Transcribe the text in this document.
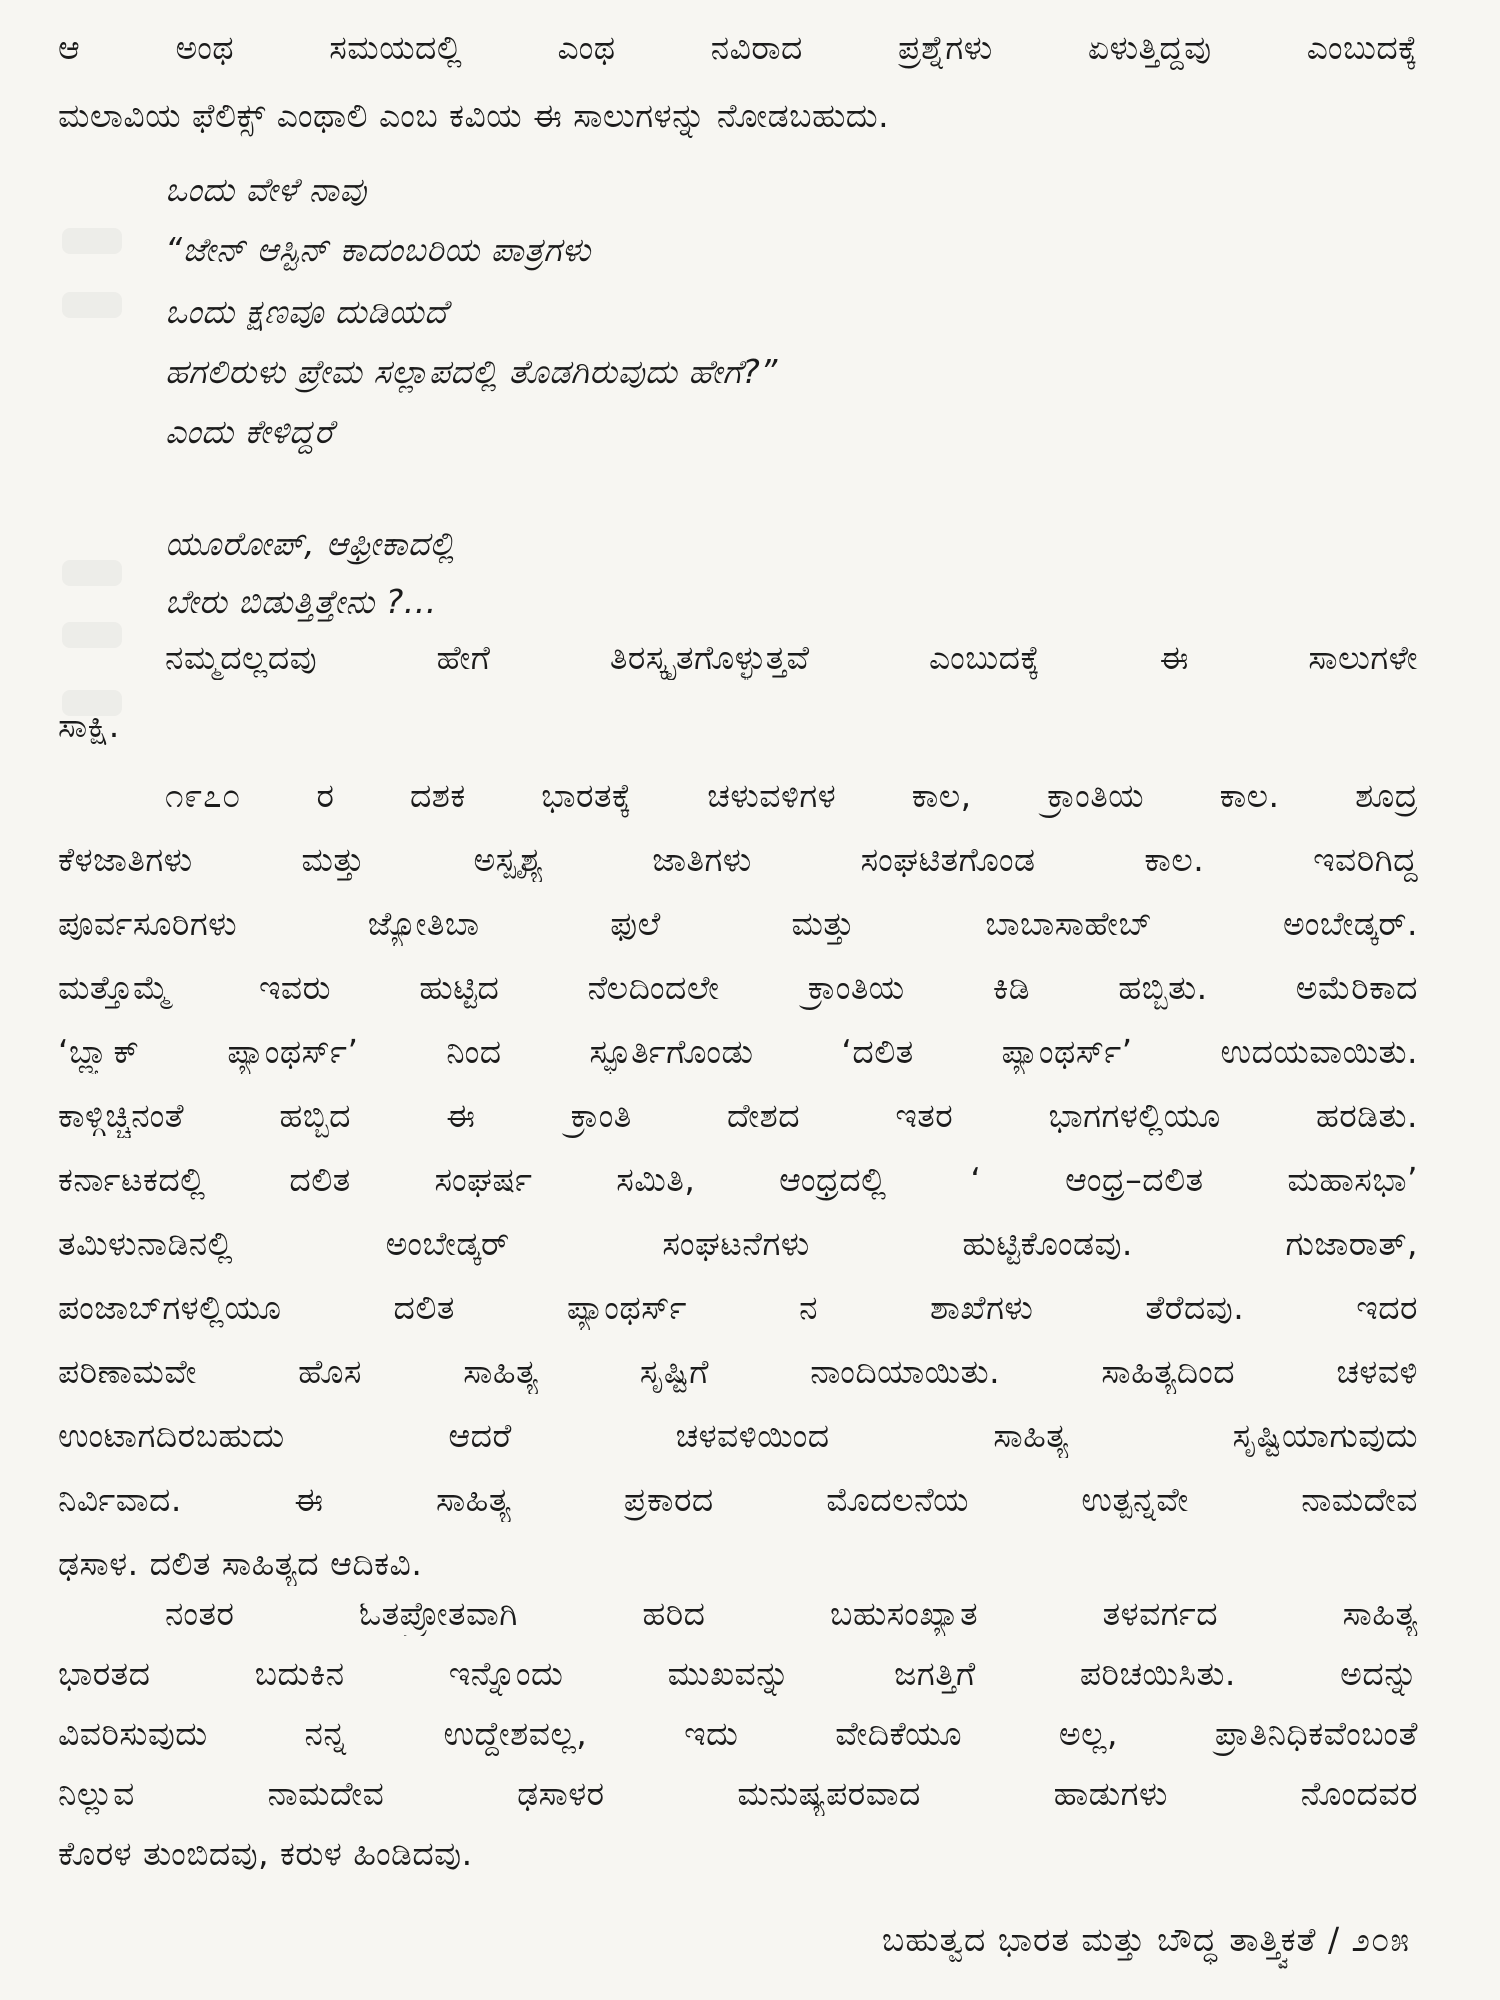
ಆ ಅಂಥ ಸಮಯದಲ್ಲಿ ಎಂಥ ನವಿರಾದ ಪ್ರಶ್ನೆಗಳು ಏಳುತ್ತಿದ್ದವು ಎಂಬುದಕ್ಕೆ
ಮಲಾವಿಯ ಫೆಲಿಕ್ಸ್ ಎಂಥಾಲಿ ಎಂಬ ಕವಿಯ ಈ ಸಾಲುಗಳನ್ನು ನೋಡಬಹುದು.
ಒಂದು ವೇಳೆ ನಾವು
“ಜೇನ್ ಆಸ್ಟಿನ್ ಕಾದಂಬರಿಯ ಪಾತ್ರಗಳು
ಒಂದು ಕ್ಷಣವೂ ದುಡಿಯದೆ
ಹಗಲಿರುಳು ಪ್ರೇಮ ಸಲ್ಲಾಪದಲ್ಲಿ ತೊಡಗಿರುವುದು ಹೇಗೆ?”
ಎಂದು ಕೇಳಿದ್ದರೆ
ಯೂರೋಪ್, ಆಫ್ರೀಕಾದಲ್ಲಿ
ಬೇರು ಬಿಡುತ್ತಿತ್ತೇನು ?...
ನಮ್ಮದಲ್ಲದವು ಹೇಗೆ ತಿರಸ್ಕೃತಗೊಳ್ಳುತ್ತವೆ ಎಂಬುದಕ್ಕೆ ಈ ಸಾಲುಗಳೇ
ಸಾಕ್ಷಿ.
೧೯೭೦ ರ ದಶಕ ಭಾರತಕ್ಕೆ ಚಳುವಳಿಗಳ ಕಾಲ, ಕ್ರಾಂತಿಯ ಕಾಲ. ಶೂದ್ರ
ಕೆಳಜಾತಿಗಳು ಮತ್ತು ಅಸ್ಪೃಶ್ಯ ಜಾತಿಗಳು ಸಂಘಟಿತಗೊಂಡ ಕಾಲ. ಇವರಿಗಿದ್ದ
ಪೂರ್ವಸೂರಿಗಳು ಜ್ಯೋತಿಬಾ ಫುಲೆ ಮತ್ತು ಬಾಬಾಸಾಹೇಬ್ ಅಂಬೇಡ್ಕರ್.
ಮತ್ತೊಮ್ಮೆ ಇವರು ಹುಟ್ಟಿದ ನೆಲದಿಂದಲೇ ಕ್ರಾಂತಿಯ ಕಿಡಿ ಹಬ್ಬಿತು. ಅಮೆರಿಕಾದ
‘ಬ್ಲ್ಯಾಕ್ ಪ್ಯಾಂಥರ್ಸ್’ ನಿಂದ ಸ್ಫೂರ್ತಿಗೊಂಡು ‘ದಲಿತ ಪ್ಯಾಂಥರ್ಸ್’ ಉದಯವಾಯಿತು.
ಕಾಳ್ಗಿಚ್ಚಿನಂತೆ ಹಬ್ಬಿದ ಈ ಕ್ರಾಂತಿ ದೇಶದ ಇತರ ಭಾಗಗಳಲ್ಲಿಯೂ ಹರಡಿತು.
ಕರ್ನಾಟಕದಲ್ಲಿ ದಲಿತ ಸಂಘರ್ಷ ಸಮಿತಿ, ಆಂಧ್ರದಲ್ಲಿ ‘ ಆಂಧ್ರ–ದಲಿತ ಮಹಾಸಭಾ’
ತಮಿಳುನಾಡಿನಲ್ಲಿ ಅಂಬೇಡ್ಕರ್ ಸಂಘಟನೆಗಳು ಹುಟ್ಟಿಕೊಂಡವು. ಗುಜಾರಾತ್,
ಪಂಜಾಬ್‌ಗಳಲ್ಲಿಯೂ ದಲಿತ ಪ್ಯಾಂಥರ್ಸ್ ನ ಶಾಖೆಗಳು ತೆರೆದವು. ಇದರ
ಪರಿಣಾಮವೇ ಹೊಸ ಸಾಹಿತ್ಯ ಸೃಷ್ಟಿಗೆ ನಾಂದಿಯಾಯಿತು. ಸಾಹಿತ್ಯದಿಂದ ಚಳವಳಿ
ಉಂಟಾಗದಿರಬಹುದು ಆದರೆ ಚಳವಳಿಯಿಂದ ಸಾಹಿತ್ಯ ಸೃಷ್ಟಿಯಾಗುವುದು
ನಿರ್ವಿವಾದ. ಈ ಸಾಹಿತ್ಯ ಪ್ರಕಾರದ ಮೊದಲನೆಯ ಉತ್ಪನ್ನವೇ ನಾಮದೇವ
ಢಸಾಳ. ದಲಿತ ಸಾಹಿತ್ಯದ ಆದಿಕವಿ.
ನಂತರ ಓತಪ್ರೋತವಾಗಿ ಹರಿದ ಬಹುಸಂಖ್ಯಾತ ತಳವರ್ಗದ ಸಾಹಿತ್ಯ
ಭಾರತದ ಬದುಕಿನ ಇನ್ನೊಂದು ಮುಖವನ್ನು ಜಗತ್ತಿಗೆ ಪರಿಚಯಿಸಿತು. ಅದನ್ನು
ವಿವರಿಸುವುದು ನನ್ನ ಉದ್ದೇಶವಲ್ಲ, ಇದು ವೇದಿಕೆಯೂ ಅಲ್ಲ, ಪ್ರಾತಿನಿಧಿಕವೆಂಬಂತೆ
ನಿಲ್ಲುವ ನಾಮದೇವ ಢಸಾಳರ ಮನುಷ್ಯಪರವಾದ ಹಾಡುಗಳು ನೊಂದವರ
ಬಹುತ್ವದ ಭಾರತ ಮತ್ತು ಬೌದ್ಧ ತಾತ್ತ್ವಿಕತೆ / ೨೦೫
ಕೊರಳ ತುಂಬಿದವು, ಕರುಳ ಹಿಂಡಿದವು.
